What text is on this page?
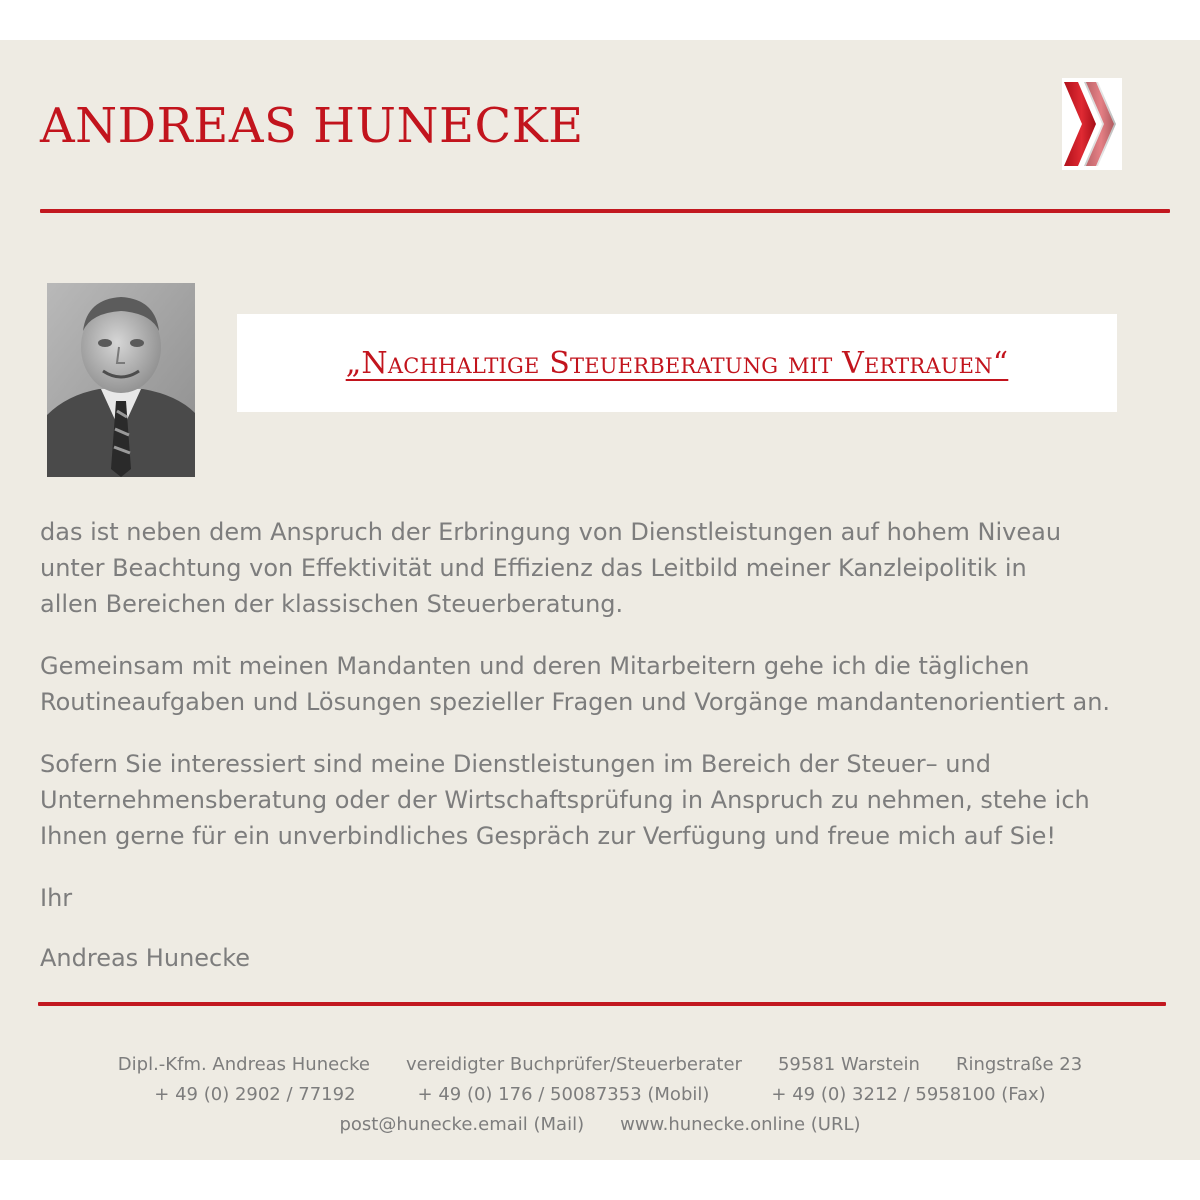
ANDREAS HUNECKE
„Nachhaltige Steuerberatung mit Vertrauen“

das ist neben dem Anspruch der Erbringung von Dienstleistungen auf hohem Niveau
unter Beachtung von Effektivität und Effizienz das Leitbild meiner Kanzleipolitik in
allen Bereichen der klassischen Steuerberatung.

Gemeinsam mit meinen Mandanten und deren Mitarbeitern gehe ich die täglichen
Routineaufgaben und Lösungen spezieller Fragen und Vorgänge mandantenorientiert an.

Sofern Sie interessiert sind meine Dienstleistungen im Bereich der Steuer– und
Unternehmensberatung oder der Wirtschaftsprüfung in Anspruch zu nehmen, stehe ich
Ihnen gerne für ein unverbindliches Gespräch zur Verfügung und freue mich auf Sie!

Ihr

Andreas Hunecke

Dipl.-Kfm. Andreas Hunecke vereidigter Buchprüfer/Steuerberater 59581 Warstein Ringstraße 23
+ 49 (0) 2902 / 77192	+ 49 (0) 176 / 50087353 (Mobil)	+ 49 (0) 3212 / 5958100 (Fax)
post@hunecke.email (Mail) www.hunecke.online (URL)
